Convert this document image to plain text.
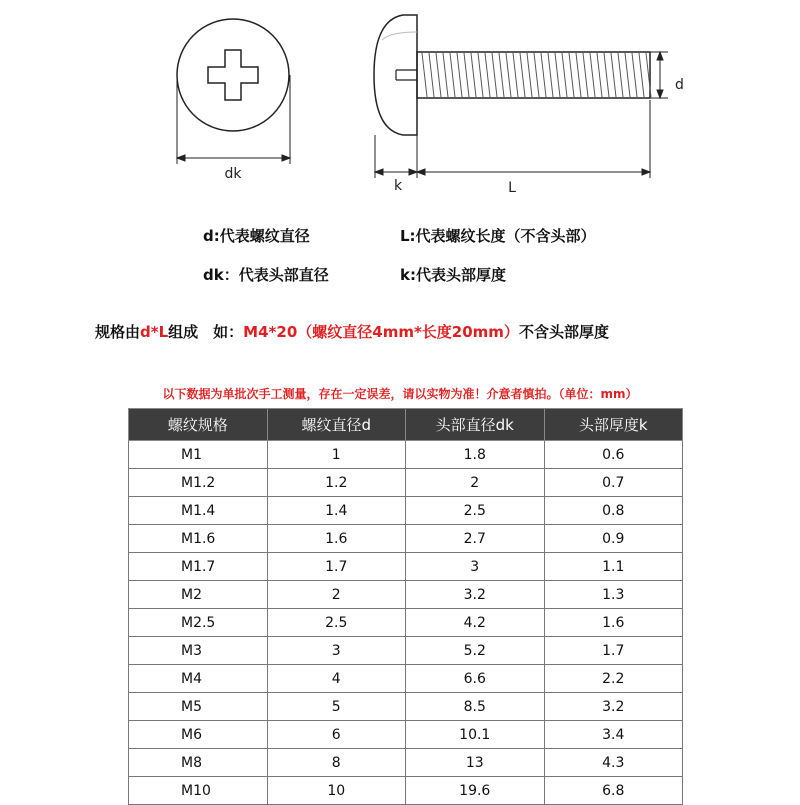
dk
d
k	L
d:代表螺纹直径	L:代表螺纹长度（不含头部）
dk：代表头部直径	k:代表头部厚度
规格由d*L组成　如：M4*20（螺纹直径4mm*长度20mm）不含头部厚度
以下数据为单批次手工测量，存在一定误差，请以实物为准！介意者慎拍。（单位：mm）
螺纹规格	螺纹直径d	头部直径dk	头部厚度k
M1	1	1.8	0.6
M1.2	1.2	2	0.7
M1.4	1.4	2.5	0.8
M1.6	1.6	2.7	0.9
M1.7	1.7	3	1.1
M2	2	3.2	1.3
M2.5	2.5	4.2	1.6
M3	3	5.2	1.7
M4	4	6.6	2.2
M5	5	8.5	3.2
M6	6	10.1	3.4
M8	8	13	4.3
M10	10	19.6	6.8
